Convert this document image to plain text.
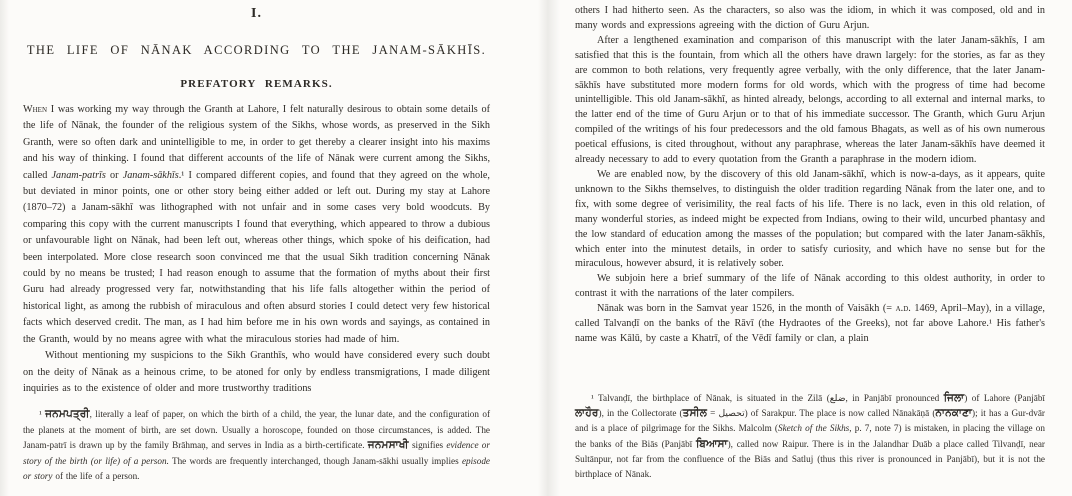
I.
THE LIFE OF NĀNAK ACCORDING TO THE JANAM-SĀKHĪS.
PREFATORY REMARKS.
When I was working my way through the Granth at Lahore, I felt naturally desirous to obtain some details of the life of Nānak, the founder of the religious system of the Sikhs, whose words, as preserved in the Sikh Granth, were so often dark and unintelligible to me, in order to get thereby a clearer insight into his maxims and his way of thinking. I found that different accounts of the life of Nānak were current among the Sikhs, called Janam-patrīs or Janam-sākhīs.¹ I compared different copies, and found that they agreed on the whole, but deviated in minor points, one or other story being either added or left out. During my stay at Lahore (1870–72) a Janam-sākhī was lithographed with not unfair and in some cases very bold woodcuts. By comparing this copy with the current manuscripts I found that everything, which appeared to throw a dubious or unfavourable light on Nānak, had been left out, whereas other things, which spoke of his deification, had been interpolated. More close research soon convinced me that the usual Sikh tradition concerning Nānak could by no means be trusted; I had reason enough to assume that the formation of myths about their first Guru had already progressed very far, notwithstanding that his life falls altogether within the period of historical light, as among the rubbish of miraculous and often absurd stories I could detect very few historical facts which deserved credit. The man, as I had him before me in his own words and sayings, as contained in the Granth, would by no means agree with what the miraculous stories had made of him.
Without mentioning my suspicions to the Sikh Granthīs, who would have considered every such doubt on the deity of Nānak as a heinous crime, to be atoned for only by endless transmigrations, I made diligent inquiries as to the existence of older and more trustworthy traditions
¹ ਜਨਮਪਤ੍ਰੀ, literally a leaf of paper, on which the birth of a child, the year, the lunar date, and the configuration of the planets at the moment of birth, are set down. Usually a horoscope, founded on those circumstances, is added. The Janam-patrī is drawn up by the family Brāhmaṇ, and serves in India as a birth-certificate. ਜਨਮਸਾਖੀ signifies evidence or story of the birth (or life) of a person. The words are frequently interchanged, though Janam-sākhi usually implies episode or story of the life of a person.
others I had hitherto seen. As the characters, so also was the idiom, in which it was composed, old and in many words and expressions agreeing with the diction of Guru Arjun.
After a lengthened examination and comparison of this manuscript with the later Janam-sākhīs, I am satisfied that this is the fountain, from which all the others have drawn largely: for the stories, as far as they are common to both relations, very frequently agree verbally, with the only difference, that the later Janam-sākhīs have substituted more modern forms for old words, which with the progress of time had become unintelligible. This old Janam-sākhī, as hinted already, belongs, according to all external and internal marks, to the latter end of the time of Guru Arjun or to that of his immediate successor. The Granth, which Guru Arjun compiled of the writings of his four predecessors and the old famous Bhagats, as well as of his own numerous poetical effusions, is cited throughout, without any paraphrase, whereas the later Janam-sākhīs have deemed it already necessary to add to every quotation from the Granth a paraphrase in the modern idiom.
We are enabled now, by the discovery of this old Janam-sākhī, which is now-a-days, as it appears, quite unknown to the Sikhs themselves, to distinguish the older tradition regarding Nānak from the later one, and to fix, with some degree of verisimility, the real facts of his life. There is no lack, even in this old relation, of many wonderful stories, as indeed might be expected from Indians, owing to their wild, uncurbed phantasy and the low standard of education among the masses of the population; but compared with the later Janam-sākhīs, which enter into the minutest details, in order to satisfy curiosity, and which have no sense but for the miraculous, however absurd, it is relatively sober.
We subjoin here a brief summary of the life of Nānak according to this oldest authority, in order to contrast it with the narrations of the later compilers.
Nānak was born in the Samvat year 1526, in the month of Vaisākh (= a.d. 1469, April–May), in a village, called Talvanḍī on the banks of the Rāvī (the Hydraotes of the Greeks), not far above Lahore.¹ His father's name was Kālū, by caste a Khatrī, of the Vēdī family or clan, a plain
¹ Talvanḍī, the birthplace of Nānak, is situated in the Zilā (ضلع, in Panjābī pronounced ਜਿਲਾ) of Lahore (Panjābī ਲਾਹੌਰ), in the Collectorate (ਤਸੀਲ = تحصيل) of Sarakpur. The place is now called Nānakāṇā (ਨਾਨਕਾਣਾ); it has a Gur-dvār and is a place of pilgrimage for the Sikhs. Malcolm (Sketch of the Sikhs, p. 7, note 7) is mistaken, in placing the village on the banks of the Biās (Panjābī ਬਿਆਸਾ), called now Raipur. There is in the Jalandhar Duāb a place called Tilvanḍī, near Sultānpur, not far from the confluence of the Biās and Satluj (thus this river is pronounced in Panjābī), but it is not the birthplace of Nānak.
